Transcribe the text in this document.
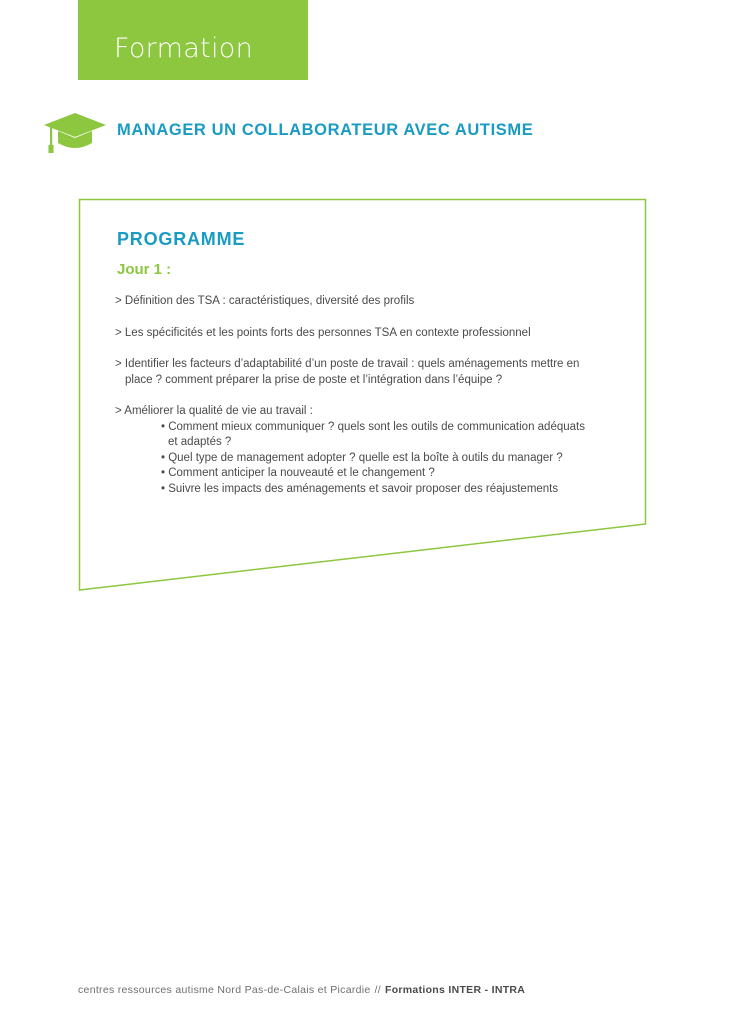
Formation
MANAGER UN COLLABORATEUR AVEC AUTISME
PROGRAMME
Jour 1 :
> Définition des TSA : caractéristiques, diversité des profils
> Les spécificités et les points forts des personnes TSA en contexte professionnel
> Identifier les facteurs d’adaptabilité d’un poste de travail : quels aménagements mettre en place ? comment préparer la prise de poste et l’intégration dans l’équipe ?
> Améliorer la qualité de vie au travail :
• Comment mieux communiquer ? quels sont les outils de communication adéquats et adaptés ?
• Quel type de management adopter ? quelle est la boîte à outils du manager ?
• Comment anticiper la nouveauté et le changement ?
• Suivre les impacts des aménagements et savoir proposer des réajustements
centres ressources autisme Nord Pas-de-Calais et Picardie // Formations INTER - INTRA
